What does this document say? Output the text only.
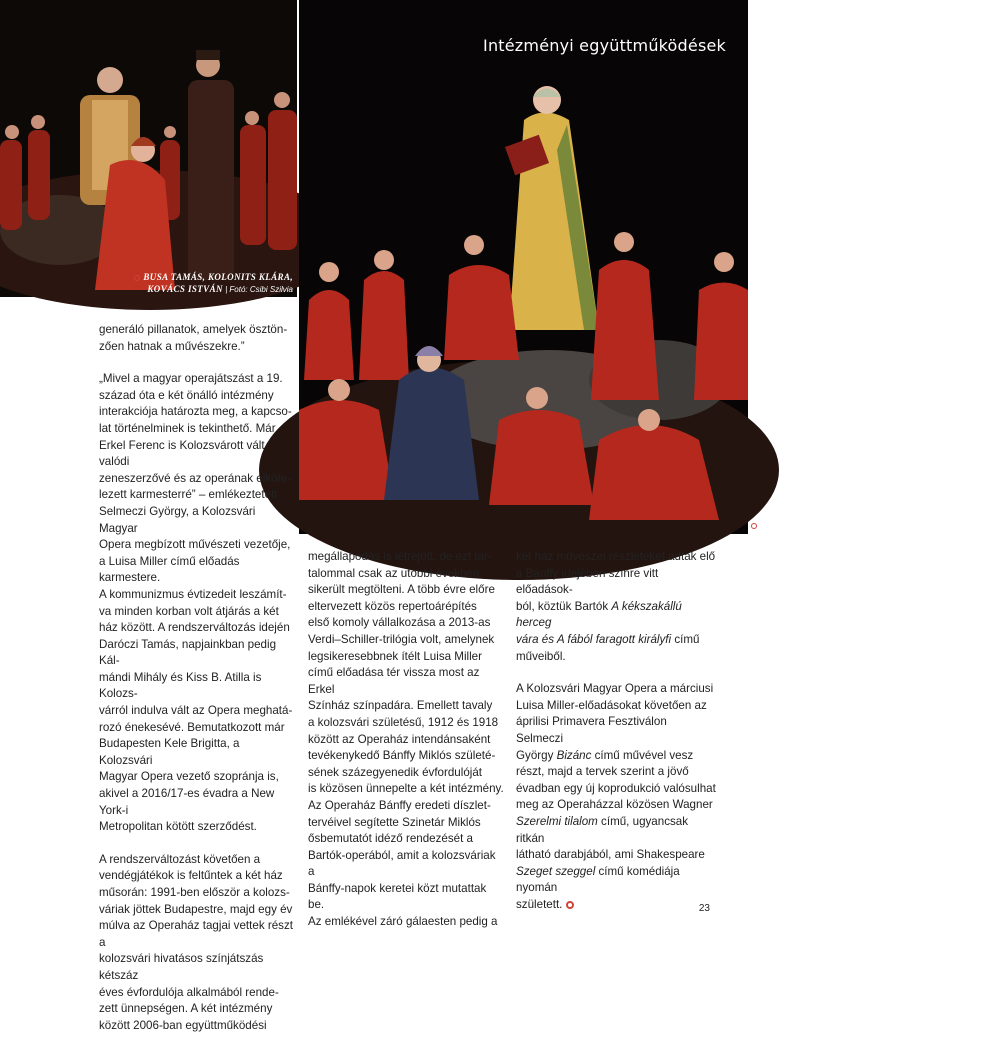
BUSA TAMÁS, KOLONITS KLÁRA,
KOVÁCS ISTVÁN | Fotó: Csibi Szilvia
Intézményi együttműködések
KÁROLYI KATALIN, VERESS ORSOLYA | Fotó: Csibi Szilvia

generáló pillanatok, amelyek ösztön-
zően hatnak a művészekre.”

„Mivel a magyar operajátszást a 19.
század óta e két önálló intézmény
interakciója határozta meg, a kapcso-
lat történelminek is tekinthető. Már
Erkel Ferenc is Kolozsvárott vált valódi
zeneszerzővé és az operának elköte-
lezett karmesterré” – emlékeztetett
Selmeczi György, a Kolozsvári Magyar
Opera megbízott művészeti vezetője,
a Luisa Miller című előadás karmestere.
A kommunizmus évtizedeit leszámít-
va minden korban volt átjárás a két
ház között. A rendszerváltozás idején
Daróczi Tamás, napjainkban pedig Kál-
mándi Mihály és Kiss B. Atilla is Kolozs-
várról indulva vált az Opera meghatá-
rozó énekesévé. Bemutatkozott már
Budapesten Kele Brigitta, a Kolozsvári
Magyar Opera vezető szopránja is,
akivel a 2016/17-es évadra a New York-i
Metropolitan kötött szerződést.

A rendszerváltozást követően a
vendégjátékok is feltűntek a két ház
műsorán: 1991-ben először a kolozs-
váriak jöttek Budapestre, majd egy év
múlva az Operaház tagjai vettek részt a
kolozsvári hivatásos színjátszás kétszáz
éves évfordulója alkalmából rende-
zett ünnepségen. A két intézmény
között 2006-ban együttműködési

megállapodás is létrejött, de ezt tar-
talommal csak az utóbbi években
sikerült megtölteni. A több évre előre
eltervezett közös repertoárépítés
első komoly vállalkozása a 2013-as
Verdi–Schiller-trilógia volt, amelynek
legsikeresebbnek ítélt Luisa Miller
című előadása tér vissza most az Erkel
Színház színpadára. Emellett tavaly
a kolozsvári születésű, 1912 és 1918
között az Operaház intendánsaként
tevékenykedő Bánffy Miklós születé-
sének százegyenedik évfordulóját
is közösen ünnepelte a két intézmény.
Az Operaház Bánffy eredeti díszlet-
tervéivel segítette Szinetár Miklós
ősbemutatót idéző rendezését a
Bartók-operából, amit a kolozsváriak a
Bánffy-napok keretei közt mutattak be.
Az emlékével záró gálaesten pedig a

két ház művészei részleteket adtak elő
a Bánffy idejében színre vitt előadások-
ból, köztük Bartók A kékszakállú herceg
vára és A fából faragott királyfi című
műveiből.

A Kolozsvári Magyar Opera a márciusi
Luisa Miller-előadásokat követően az
áprilisi Primavera Fesztiválon Selmeczi
György Bizánc című művével vesz
részt, majd a tervek szerint a jövő
évadban egy új koprodukció valósulhat
meg az Operaházzal közösen Wagner
Szerelmi tilalom című, ugyancsak ritkán
látható darabjából, ami Shakespeare
Szeget szeggel című komédiája nyomán
született.	23
